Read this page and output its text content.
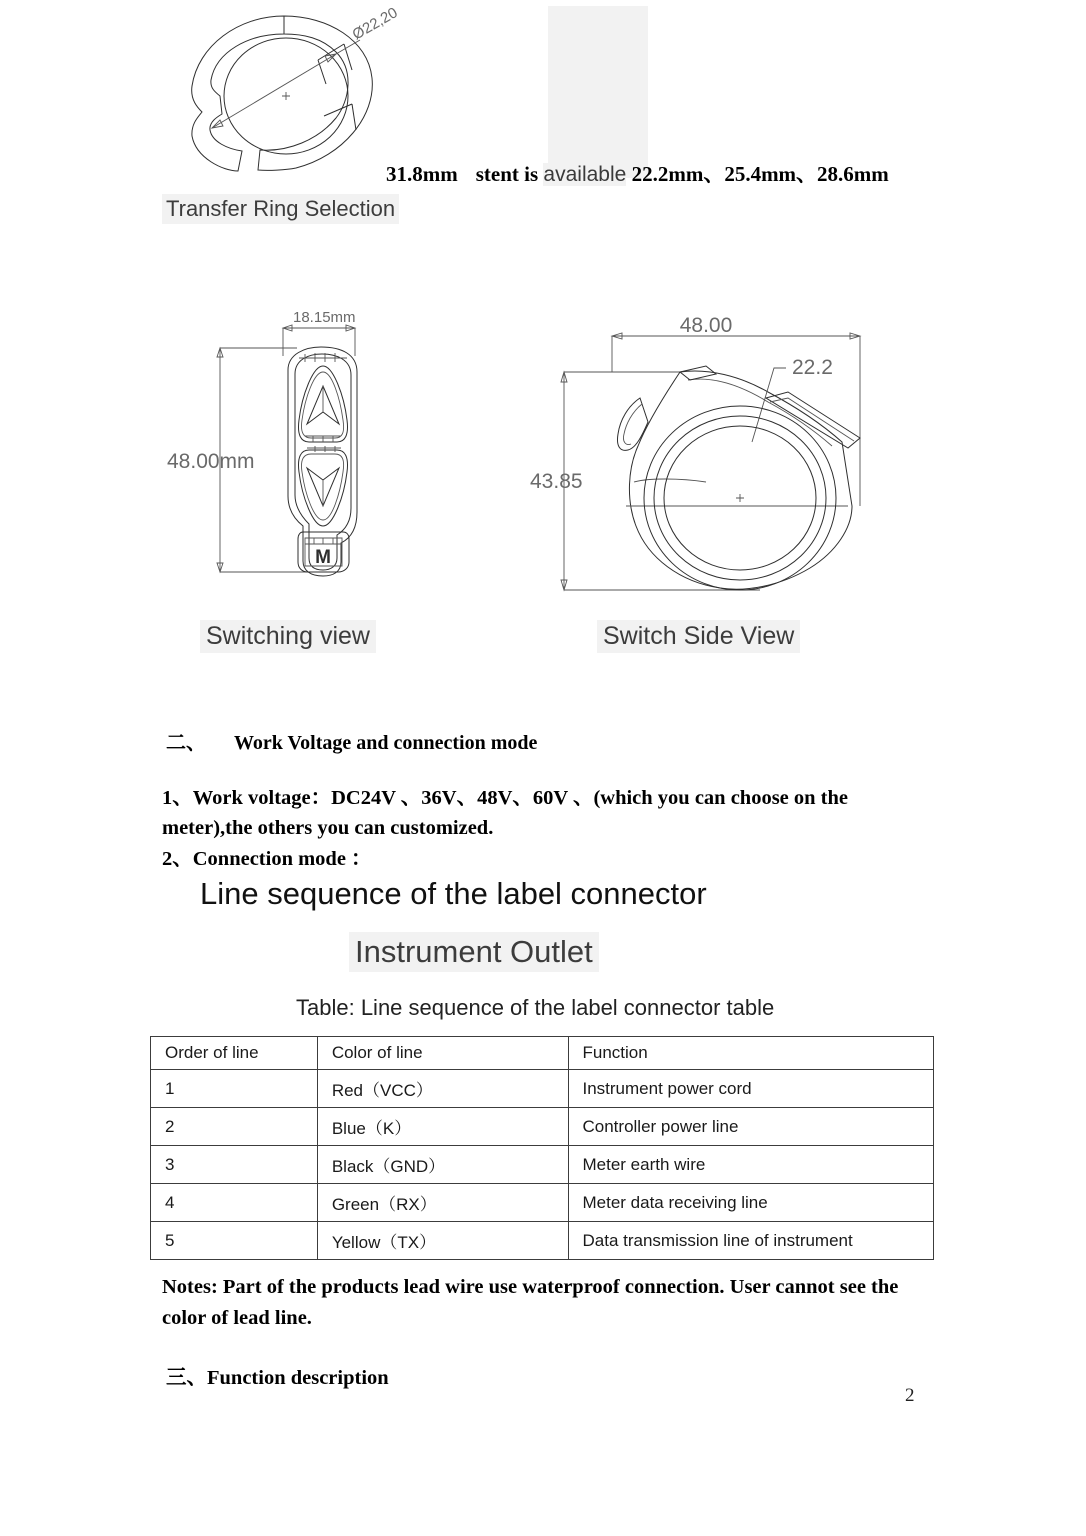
Ø22,20
31.8mm stent is available 22.2mm、25.4mm、28.6mm
Transfer Ring Selection
18.15mm
48.00mm
M
48.00
43.85
22.2
Switching view	Switch Side View
二、 Work Voltage and connection mode
1、Work voltage：DC24V 、36V、48V、60V 、(which you can choose on the meter),the others you can customized.
2、Connection mode ：
Line sequence of the label connector
Instrument Outlet
Table: Line sequence of the label connector table
Order of line	Color of line	Function
1	Red（VCC）	Instrument power cord
2	Blue（K）	Controller power line
3	Black（GND）	Meter earth wire
4	Green（RX）	Meter data receiving line
5	Yellow（TX）	Data transmission line of instrument
Notes: Part of the products lead wire use waterproof connection. User cannot see the color of lead line.
三、Function description
2
